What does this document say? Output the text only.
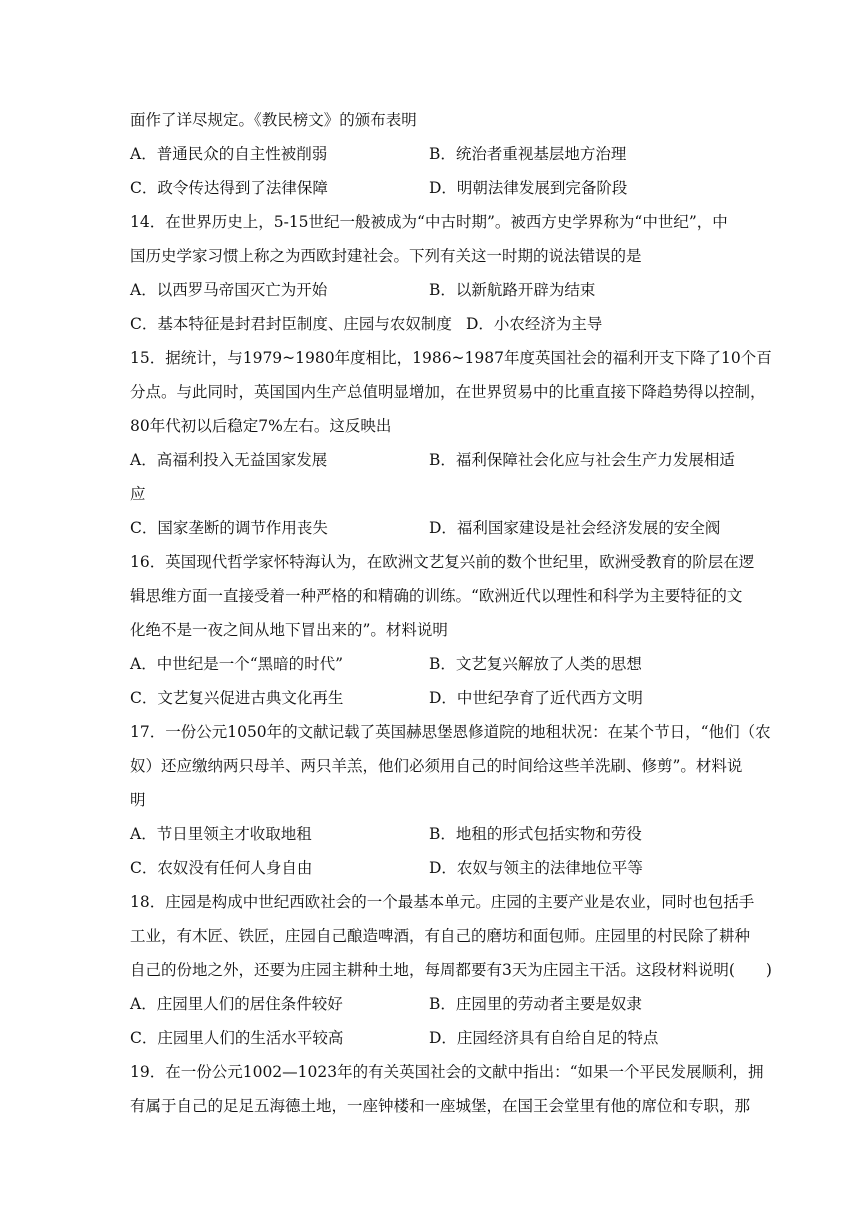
面作了详尽规定。《教民榜文》的颁布表明
A．普通民众的自主性被削弱	B．统治者重视基层地方治理
C．政令传达得到了法律保障	D．明朝法律发展到完备阶段
14．在世界历史上，5-15世纪一般被成为“中古时期”。被西方史学界称为“中世纪”，中
国历史学家习惯上称之为西欧封建社会。下列有关这一时期的说法错误的是
A．以西罗马帝国灭亡为开始	B．以新航路开辟为结束
C．基本特征是封君封臣制度、庄园与农奴制度 D．小农经济为主导
15．据统计，与1979~1980年度相比，1986~1987年度英国社会的福利开支下降了10个百
分点。与此同时，英国国内生产总值明显增加，在世界贸易中的比重直接下降趋势得以控制，
80年代初以后稳定7%左右。这反映出
A．高福利投入无益国家发展	B．福利保障社会化应与社会生产力发展相适
应
C．国家垄断的调节作用丧失	D．福利国家建设是社会经济发展的安全阀
16．英国现代哲学家怀特海认为，在欧洲文艺复兴前的数个世纪里，欧洲受教育的阶层在逻
辑思维方面一直接受着一种严格的和精确的训练。“欧洲近代以理性和科学为主要特征的文
化绝不是一夜之间从地下冒出来的”。材料说明
A．中世纪是一个“黑暗的时代”	B．文艺复兴解放了人类的思想
C．文艺复兴促进古典文化再生	D．中世纪孕育了近代西方文明
17．一份公元1050年的文献记载了英国赫思堡恩修道院的地租状况：在某个节日，“他们（农
奴）还应缴纳两只母羊、两只羊羔，他们必须用自己的时间给这些羊洗刷、修剪”。材料说
明
A．节日里领主才收取地租	B．地租的形式包括实物和劳役
C．农奴没有任何人身自由	D．农奴与领主的法律地位平等
18．庄园是构成中世纪西欧社会的一个最基本单元。庄园的主要产业是农业，同时也包括手
工业，有木匠、铁匠，庄园自己酿造啤酒，有自己的磨坊和面包师。庄园里的村民除了耕种
自己的份地之外，还要为庄园主耕种土地，每周都要有3天为庄园主干活。这段材料说明(　　)
A．庄园里人们的居住条件较好	B．庄园里的劳动者主要是奴隶
C．庄园里人们的生活水平较高	D．庄园经济具有自给自足的特点
19．在一份公元1002—1023年的有关英国社会的文献中指出：“如果一个平民发展顺利，拥
有属于自己的足足五海德土地，一座钟楼和一座城堡，在国王会堂里有他的席位和专职，那
